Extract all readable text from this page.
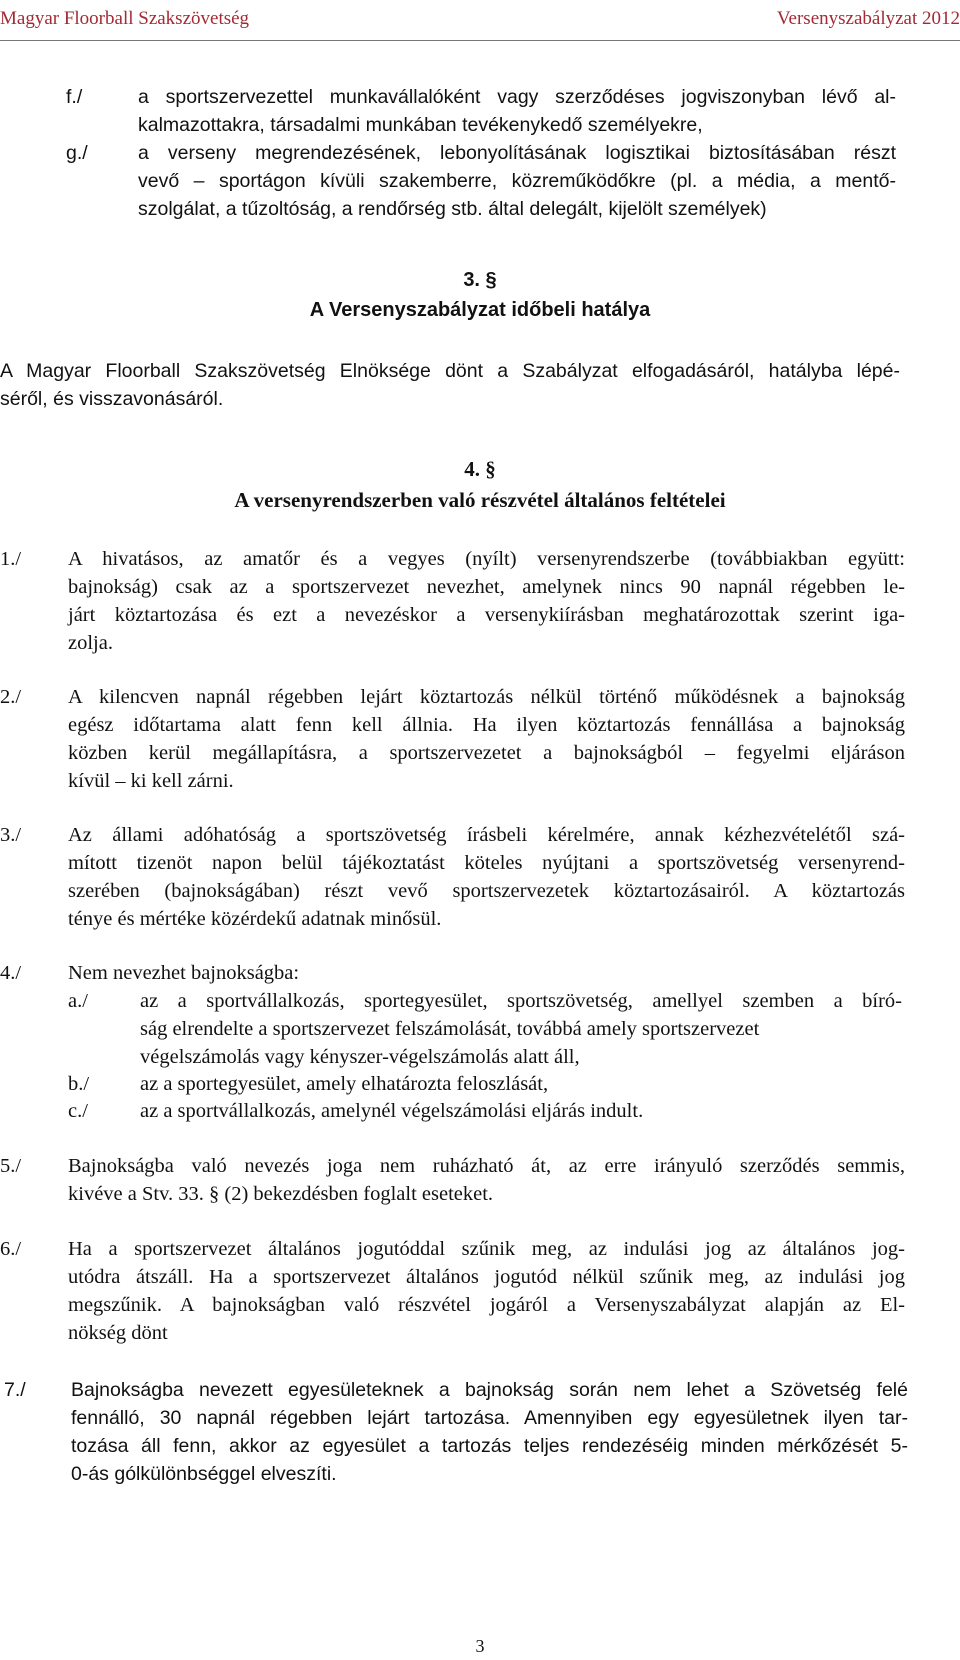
Magyar Floorball Szakszövetség	Versenyszabályzat 2012
f./	a sportszervezettel munkavállalóként vagy szerződéses jogviszonyban lévő al-
kalmazottakra, társadalmi munkában tevékenykedő személyekre,
g./	a verseny megrendezésének, lebonyolításának logisztikai biztosításában részt
vevő – sportágon kívüli szakemberre, közreműködőkre (pl. a média, a mentő-
szolgálat, a tűzoltóság, a rendőrség stb. által delegált, kijelölt személyek)
3. §
A Versenyszabályzat időbeli hatálya
A Magyar Floorball Szakszövetség Elnöksége dönt a Szabályzat elfogadásáról, hatályba lépé-
séről, és visszavonásáról.
4. §
A versenyrendszerben való részvétel általános feltételei
1./ A hivatásos, az amatőr és a vegyes (nyílt) versenyrendszerbe (továbbiakban együtt:
bajnokság) csak az a sportszervezet nevezhet, amelynek nincs 90 napnál régebben le-
járt köztartozása és ezt a nevezéskor a versenykiírásban meghatározottak szerint iga-
zolja.
2./ A kilencven napnál régebben lejárt köztartozás nélkül történő működésnek a bajnokság
egész időtartama alatt fenn kell állnia. Ha ilyen köztartozás fennállása a bajnokság
közben kerül megállapításra, a sportszervezetet a bajnokságból – fegyelmi eljáráson
kívül – ki kell zárni.
3./ Az állami adóhatóság a sportszövetség írásbeli kérelmére, annak kézhezvételétől szá-
mított tizenöt napon belül tájékoztatást köteles nyújtani a sportszövetség versenyrend-
szerében (bajnokságában) részt vevő sportszervezetek köztartozásairól. A köztartozás
ténye és mértéke közérdekű adatnak minősül.
4./ Nem nevezhet bajnokságba:
a./	az a sportvállalkozás, sportegyesület, sportszövetség, amellyel szemben a bíró-
ság elrendelte a sportszervezet felszámolását, továbbá amely sportszervezet
végelszámolás vagy kényszer-végelszámolás alatt áll,
b./ az a sportegyesület, amely elhatározta feloszlását,
c./	az a sportvállalkozás, amelynél végelszámolási eljárás indult.
5./ Bajnokságba való nevezés joga nem ruházható át, az erre irányuló szerződés semmis,
kivéve a Stv. 33. § (2) bekezdésben foglalt eseteket.
6./ Ha a sportszervezet általános jogutóddal szűnik meg, az indulási jog az általános jog-
utódra átszáll. Ha a sportszervezet általános jogutód nélkül szűnik meg, az indulási jog
megszűnik. A bajnokságban való részvétel jogáról a Versenyszabályzat alapján az El-
nökség dönt
7./ Bajnokságba nevezett egyesületeknek a bajnokság során nem lehet a Szövetség felé
fennálló, 30 napnál régebben lejárt tartozása. Amennyiben egy egyesületnek ilyen tar-
tozása áll fenn, akkor az egyesület a tartozás teljes rendezéséig minden mérkőzését 5-
0-ás gólkülönbséggel elveszíti.
3
